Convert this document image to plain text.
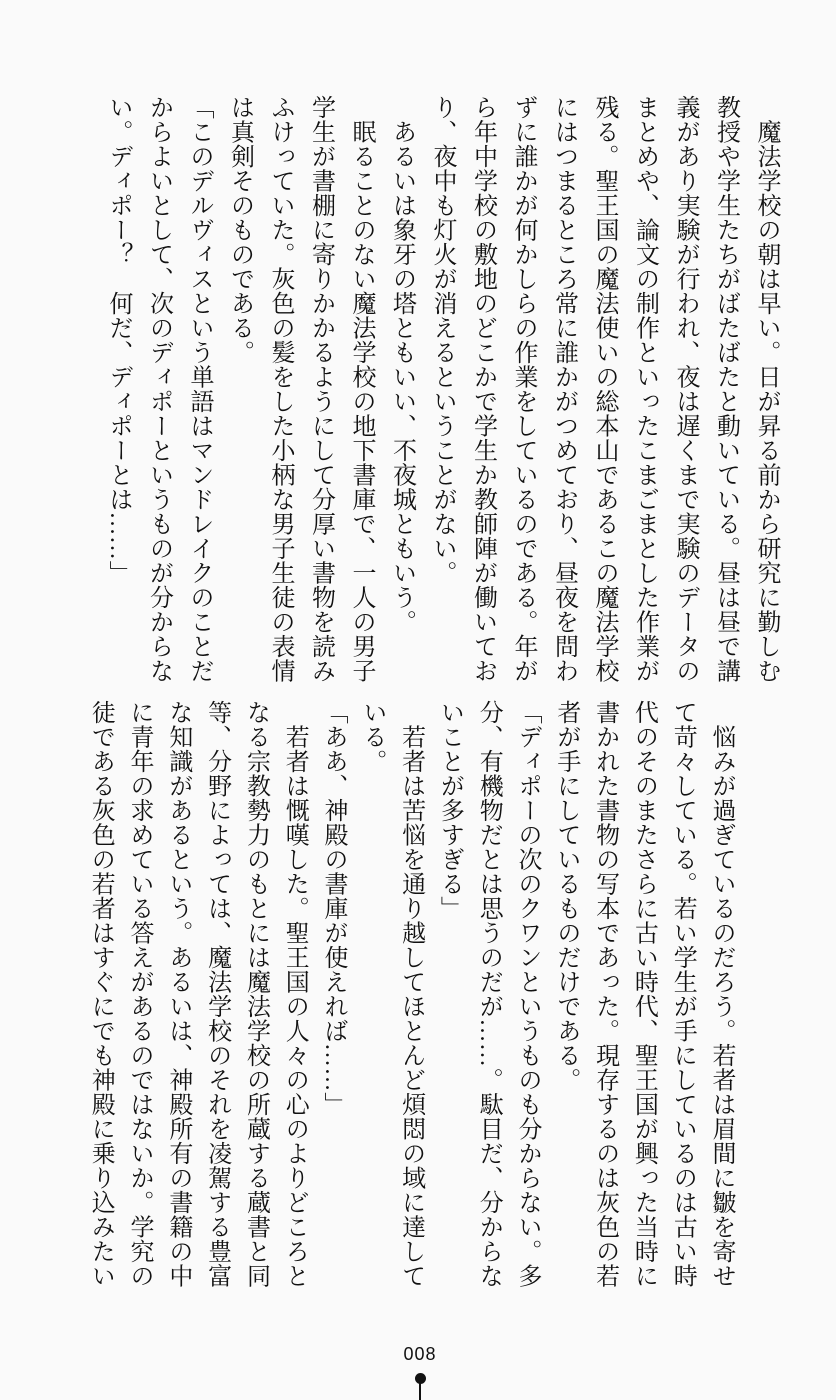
　魔法学校の朝は早い。日が昇る前から研究に勤しむ
教授や学生たちがばたばたと動いている。昼は昼で講
義があり実験が行われ、夜は遅くまで実験のデータの
まとめや、論文の制作といったこまごまとした作業が
残る。聖王国の魔法使いの総本山であるこの魔法学校
にはつまるところ常に誰かがつめており、昼夜を問わ
ずに誰かが何かしらの作業をしているのである。年が
ら年中学校の敷地のどこかで学生か教師陣が働いてお
り、夜中も灯火が消えるということがない。
　あるいは象牙の塔ともいい、不夜城ともいう。
　眠ることのない魔法学校の地下書庫で、一人の男子
学生が書棚に寄りかかるようにして分厚い書物を読み
ふけっていた。灰色の髪をした小柄な男子生徒の表情
は真剣そのものである。
「このデルヴィスという単語はマンドレイクのことだ
からよいとして、次のディポーというものが分からな
い。ディポー？　何だ、ディポーとは……」
　悩みが過ぎているのだろう。若者は眉間に皺を寄せ
て苛々している。若い学生が手にしているのは古い時
代のそのまたさらに古い時代、聖王国が興った当時に
書かれた書物の写本であった。現存するのは灰色の若
者が手にしているものだけである。
「ディポーの次のクワンというものも分からない。多
分、有機物だとは思うのだが……。駄目だ、分からな
いことが多すぎる」
　若者は苦悩を通り越してほとんど煩悶の域に達して
いる。
「ああ、神殿の書庫が使えれば……」
　若者は慨嘆した。聖王国の人々の心のよりどころと
なる宗教勢力のもとには魔法学校の所蔵する蔵書と同
等、分野によっては、魔法学校のそれを凌駕する豊富
な知識があるという。あるいは、神殿所有の書籍の中
に青年の求めている答えがあるのではないか。学究の
徒である灰色の若者はすぐにでも神殿に乗り込みたい
008
